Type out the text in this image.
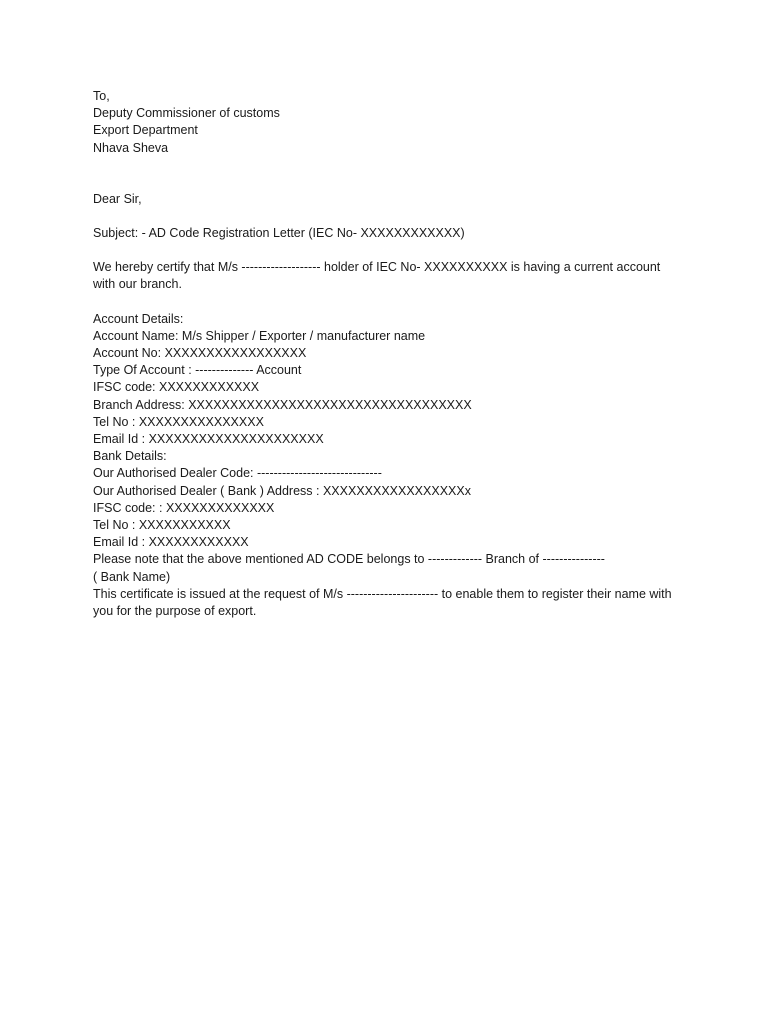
To,
Deputy Commissioner of customs
Export Department
Nhava Sheva
Dear Sir,
Subject: - AD Code Registration Letter (IEC No- XXXXXXXXXXXX)
We hereby certify that M/s ------------------- holder of IEC No- XXXXXXXXXX is having a current account with our branch.
Account Details:
Account Name: M/s Shipper / Exporter / manufacturer name
Account No: XXXXXXXXXXXXXXXXX
Type Of Account : -------------- Account
IFSC code: XXXXXXXXXXXX
Branch Address: XXXXXXXXXXXXXXXXXXXXXXXXXXXXXXXXXX
Tel No : XXXXXXXXXXXXXXX
Email Id : XXXXXXXXXXXXXXXXXXXXX
Bank Details:
Our Authorised Dealer Code: ------------------------------
Our Authorised Dealer ( Bank ) Address : XXXXXXXXXXXXXXXXXx
IFSC code: : XXXXXXXXXXXXX
Tel No : XXXXXXXXXXX
Email Id : XXXXXXXXXXXX
Please note that the above mentioned AD CODE belongs to ------------- Branch of ---------------
( Bank Name)
This certificate is issued at the request of M/s ---------------------- to enable them to register their name with you for the purpose of export.
